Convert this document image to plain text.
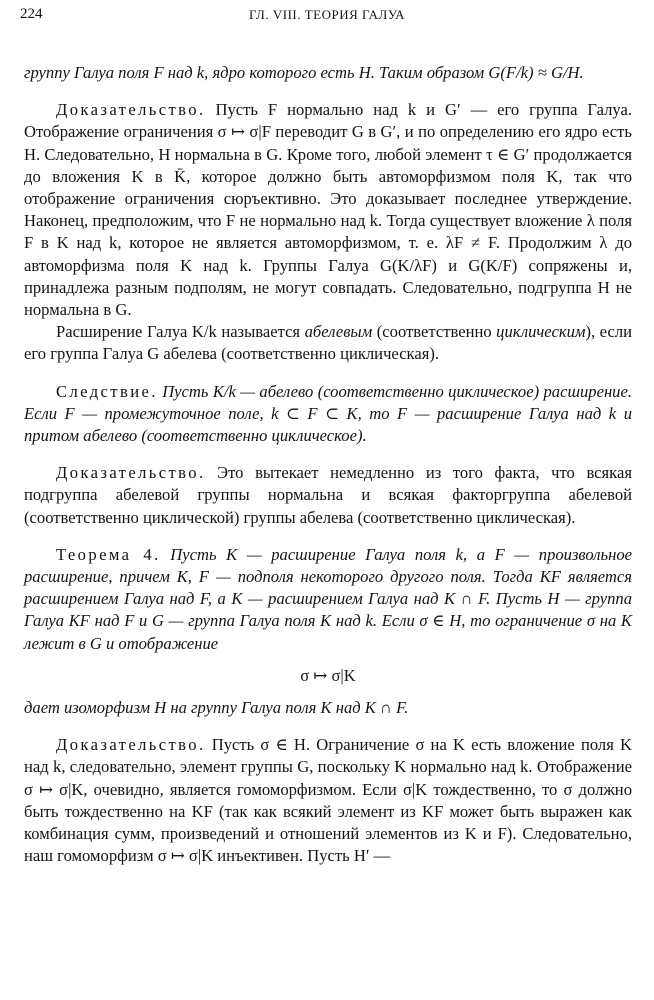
224	ГЛ. VIII. ТЕОРИЯ ГАЛУА

группу Галуа поля F над k, ядро которого есть H. Таким образом G(F/k) ≈ G/H.

Доказательство. Пусть F нормально над k и G′ — его группа Галуа. Отображение ограничения σ ↦ σ|F переводит G в G′, и по определению его ядро есть H. Следовательно, H нормальна в G. Кроме того, любой элемент τ ∈ G′ продолжается до вложения K в K̄, которое должно быть автоморфизмом поля K, так что отображение ограничения сюръективно. Это доказывает последнее утверждение. Наконец, предположим, что F не нормально над k. Тогда существует вложение λ поля F в K над k, которое не является автоморфизмом, т. е. λF ≠ F. Продолжим λ до автоморфизма поля K над k. Группы Галуа G(K/λF) и G(K/F) сопряжены и, принадлежа разным подполям, не могут совпадать. Следовательно, подгруппа H не нормальна в G.

Расширение Галуа K/k называется абелевым (соответственно циклическим), если его группа Галуа G абелева (соответственно циклическая).

Следствие. Пусть K/k — абелево (соответственно циклическое) расширение. Если F — промежуточное поле, k ⊂ F ⊂ K, то F — расширение Галуа над k и притом абелево (соответственно циклическое).

Доказательство. Это вытекает немедленно из того факта, что всякая подгруппа абелевой группы нормальна и всякая факторгруппа абелевой (соответственно циклической) группы абелева (соответственно циклическая).

Теорема 4. Пусть K — расширение Галуа поля k, а F — произвольное расширение, причем K, F — подполя некоторого другого поля. Тогда KF является расширением Галуа над F, а K — расширением Галуа над K ∩ F. Пусть H — группа Галуа KF над F и G — группа Галуа поля K над k. Если σ ∈ H, то ограничение σ на K лежит в G и отображение

σ ↦ σ|K

дает изоморфизм H на группу Галуа поля K над K ∩ F.

Доказательство. Пусть σ ∈ H. Ограничение σ на K есть вложение поля K над k, следовательно, элемент группы G, поскольку K нормально над k. Отображение σ ↦ σ|K, очевидно, является гомоморфизмом. Если σ|K тождественно, то σ должно быть тождественно на KF (так как всякий элемент из KF может быть выражен как комбинация сумм, произведений и отношений элементов из K и F). Следовательно, наш гомоморфизм σ ↦ σ|K инъективен. Пусть H′ —
